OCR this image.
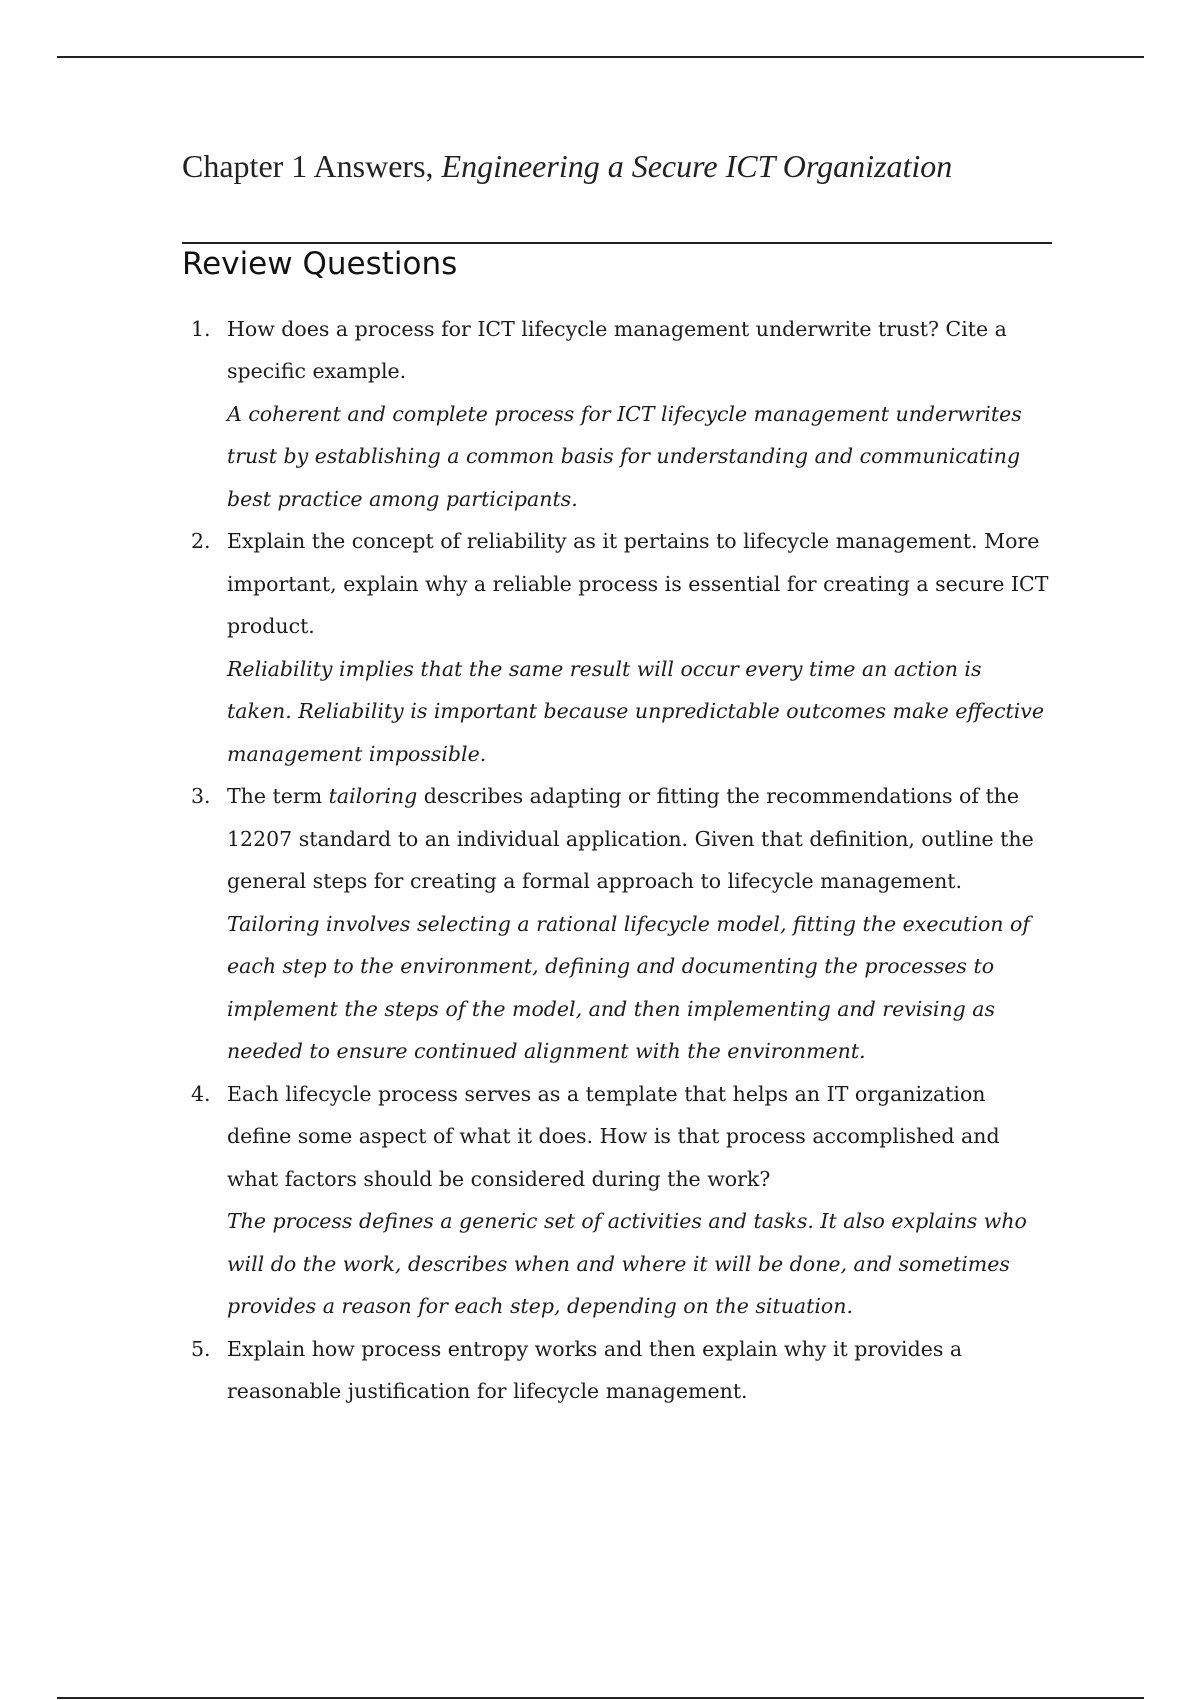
Chapter 1 Answers, Engineering a Secure ICT Organization
Review Questions
1. How does a process for ICT lifecycle management underwrite trust? Cite a specific example.
A coherent and complete process for ICT lifecycle management underwrites trust by establishing a common basis for understanding and communicating best practice among participants.
2. Explain the concept of reliability as it pertains to lifecycle management. More important, explain why a reliable process is essential for creating a secure ICT product.
Reliability implies that the same result will occur every time an action is taken. Reliability is important because unpredictable outcomes make effective management impossible.
3. The term tailoring describes adapting or fitting the recommendations of the 12207 standard to an individual application. Given that definition, outline the general steps for creating a formal approach to lifecycle management.
Tailoring involves selecting a rational lifecycle model, fitting the execution of each step to the environment, defining and documenting the processes to implement the steps of the model, and then implementing and revising as needed to ensure continued alignment with the environment.
4. Each lifecycle process serves as a template that helps an IT organization define some aspect of what it does. How is that process accomplished and what factors should be considered during the work?
The process defines a generic set of activities and tasks. It also explains who will do the work, describes when and where it will be done, and sometimes provides a reason for each step, depending on the situation.
5. Explain how process entropy works and then explain why it provides a reasonable justification for lifecycle management.
